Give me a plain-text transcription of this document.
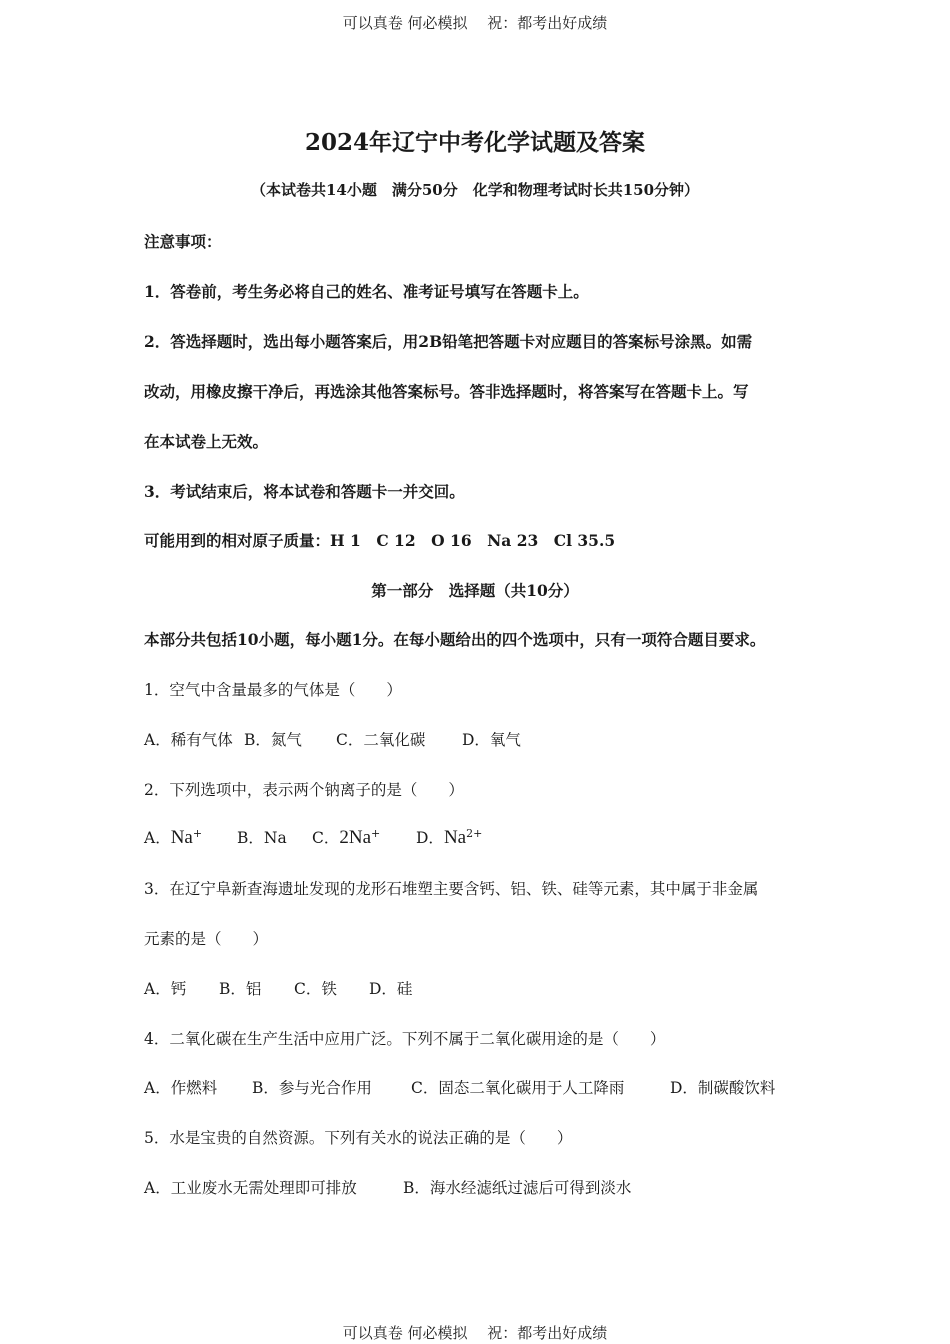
可以真卷 何必模拟　 祝：都考出好成绩
2024年辽宁中考化学试题及答案
（本试卷共14小题　满分50分　化学和物理考试时长共150分钟）
注意事项：
1．答卷前，考生务必将自己的姓名、准考证号填写在答题卡上。
2．答选择题时，选出每小题答案后，用2B铅笔把答题卡对应题目的答案标号涂黑。如需
改动，用橡皮擦干净后，再选涂其他答案标号。答非选择题时，将答案写在答题卡上。写
在本试卷上无效。
3．考试结束后，将本试卷和答题卡一并交回。
可能用到的相对原子质量：H 1　C 12　O 16　Na 23　Cl 35.5
第一部分　选择题（共10分）
本部分共包括10小题，每小题1分。在每小题给出的四个选项中，只有一项符合题目要求。
1．空气中含量最多的气体是（　　）
A．稀有气体 B．氮气 C．二氧化碳 D．氧气
2．下列选项中，表示两个钠离子的是（　　）
A．Na+ B．Na C．2Na+ D．$Na^{2+}$
3．在辽宁阜新查海遗址发现的龙形石堆塑主要含钙、铝、铁、硅等元素，其中属于非金属
元素的是（　　）
A．钙 B．铝 C．铁 D．硅
4．二氧化碳在生产生活中应用广泛。下列不属于二氧化碳用途的是（　　）
A．作燃料 B．参与光合作用	C．固态二氧化碳用于人工降雨	D．制碳酸饮料
5．水是宝贵的自然资源。下列有关水的说法正确的是（　　）
A．工业废水无需处理即可排放	B．海水经滤纸过滤后可得到淡水
可以真卷 何必模拟　 祝：都考出好成绩
